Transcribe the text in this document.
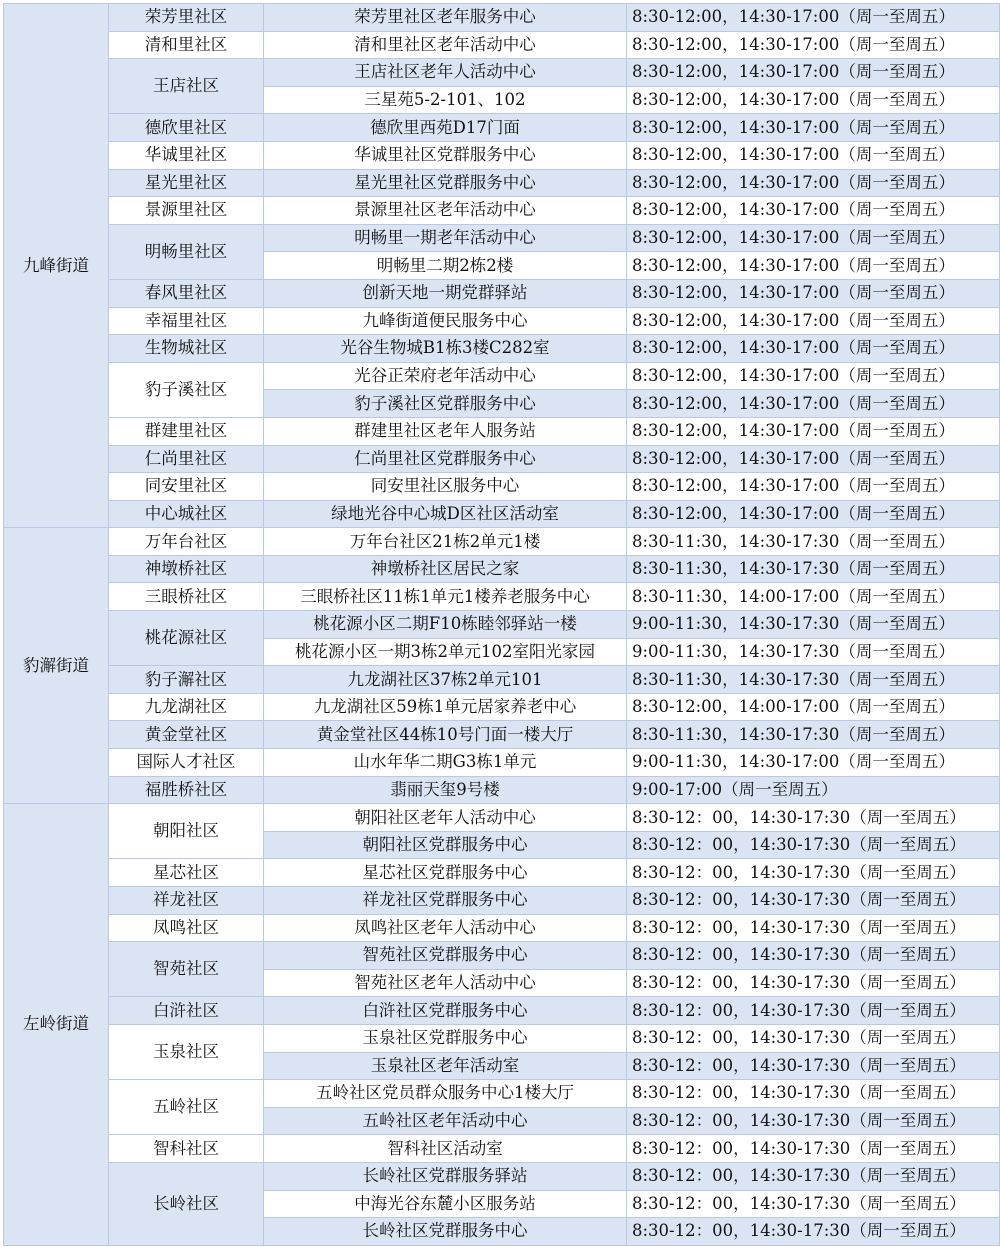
九峰街道	荣芳里社区	荣芳里社区老年服务中心	8:30-12:00，14:30-17:00（周一至周五）
	清和里社区	清和里社区老年活动中心	8:30-12:00，14:30-17:00（周一至周五）
	王店社区	王店社区老年人活动中心	8:30-12:00，14:30-17:00（周一至周五）
		三星苑5-2-101、102	8:30-12:00，14:30-17:00（周一至周五）
	德欣里社区	德欣里西苑D17门面	8:30-12:00，14:30-17:00（周一至周五）
	华诚里社区	华诚里社区党群服务中心	8:30-12:00，14:30-17:00（周一至周五）
	星光里社区	星光里社区党群服务中心	8:30-12:00，14:30-17:00（周一至周五）
	景源里社区	景源里社区老年活动中心	8:30-12:00，14:30-17:00（周一至周五）
	明畅里社区	明畅里一期老年活动中心	8:30-12:00，14:30-17:00（周一至周五）
		明畅里二期2栋2楼	8:30-12:00，14:30-17:00（周一至周五）
	春风里社区	创新天地一期党群驿站	8:30-12:00，14:30-17:00（周一至周五）
	幸福里社区	九峰街道便民服务中心	8:30-12:00，14:30-17:00（周一至周五）
	生物城社区	光谷生物城B1栋3楼C282室	8:30-12:00，14:30-17:00（周一至周五）
	豹子溪社区	光谷正荣府老年活动中心	8:30-12:00，14:30-17:00（周一至周五）
		豹子溪社区党群服务中心	8:30-12:00，14:30-17:00（周一至周五）
	群建里社区	群建里社区老年人服务站	8:30-12:00，14:30-17:00（周一至周五）
	仁尚里社区	仁尚里社区党群服务中心	8:30-12:00，14:30-17:00（周一至周五）
	同安里社区	同安里社区服务中心	8:30-12:00，14:30-17:00（周一至周五）
	中心城社区	绿地光谷中心城D区社区活动室	8:30-12:00，14:30-17:00（周一至周五）
豹澥街道	万年台社区	万年台社区21栋2单元1楼	8:30-11:30，14:30-17:30（周一至周五）
	神墩桥社区	神墩桥社区居民之家	8:30-11:30，14:30-17:30（周一至周五）
	三眼桥社区	三眼桥社区11栋1单元1楼养老服务中心	8:30-11:30，14:00-17:00（周一至周五）
	桃花源社区	桃花源小区二期F10栋睦邻驿站一楼	9:00-11:30，14:30-17:30（周一至周五）
		桃花源小区一期3栋2单元102室阳光家园	9:00-11:30，14:30-17:30（周一至周五）
	豹子澥社区	九龙湖社区37栋2单元101	8:30-11:30，14:30-17:30（周一至周五）
	九龙湖社区	九龙湖社区59栋1单元居家养老中心	8:30-12:00，14:00-17:00（周一至周五）
	黄金堂社区	黄金堂社区44栋10号门面一楼大厅	8:30-11:30，14:30-17:30（周一至周五）
	国际人才社区	山水年华二期G3栋1单元	9:00-11:30，14:30-17:00（周一至周五）
	福胜桥社区	翡丽天玺9号楼	9:00-17:00（周一至周五）
左岭街道	朝阳社区	朝阳社区老年人活动中心	8:30-12：00，14:30-17:30（周一至周五）
		朝阳社区党群服务中心	8:30-12：00，14:30-17:30（周一至周五）
	星芯社区	星芯社区党群服务中心	8:30-12：00，14:30-17:30（周一至周五）
	祥龙社区	祥龙社区党群服务中心	8:30-12：00，14:30-17:30（周一至周五）
	凤鸣社区	凤鸣社区老年人活动中心	8:30-12：00，14:30-17:30（周一至周五）
	智苑社区	智苑社区党群服务中心	8:30-12：00，14:30-17:30（周一至周五）
		智苑社区老年人活动中心	8:30-12：00，14:30-17:30（周一至周五）
	白浒社区	白浒社区党群服务中心	8:30-12：00，14:30-17:30（周一至周五）
	玉泉社区	玉泉社区党群服务中心	8:30-12：00，14:30-17:30（周一至周五）
		玉泉社区老年活动室	8:30-12：00，14:30-17:30（周一至周五）
	五岭社区	五岭社区党员群众服务中心1楼大厅	8:30-12：00，14:30-17:30（周一至周五）
		五岭社区老年活动中心	8:30-12：00，14:30-17:30（周一至周五）
	智科社区	智科社区活动室	8:30-12：00，14:30-17:30（周一至周五）
	长岭社区	长岭社区党群服务驿站	8:30-12：00，14:30-17:30（周一至周五）
		中海光谷东麓小区服务站	8:30-12：00，14:30-17:30（周一至周五）
		长岭社区党群服务中心	8:30-12：00，14:30-17:30（周一至周五）
